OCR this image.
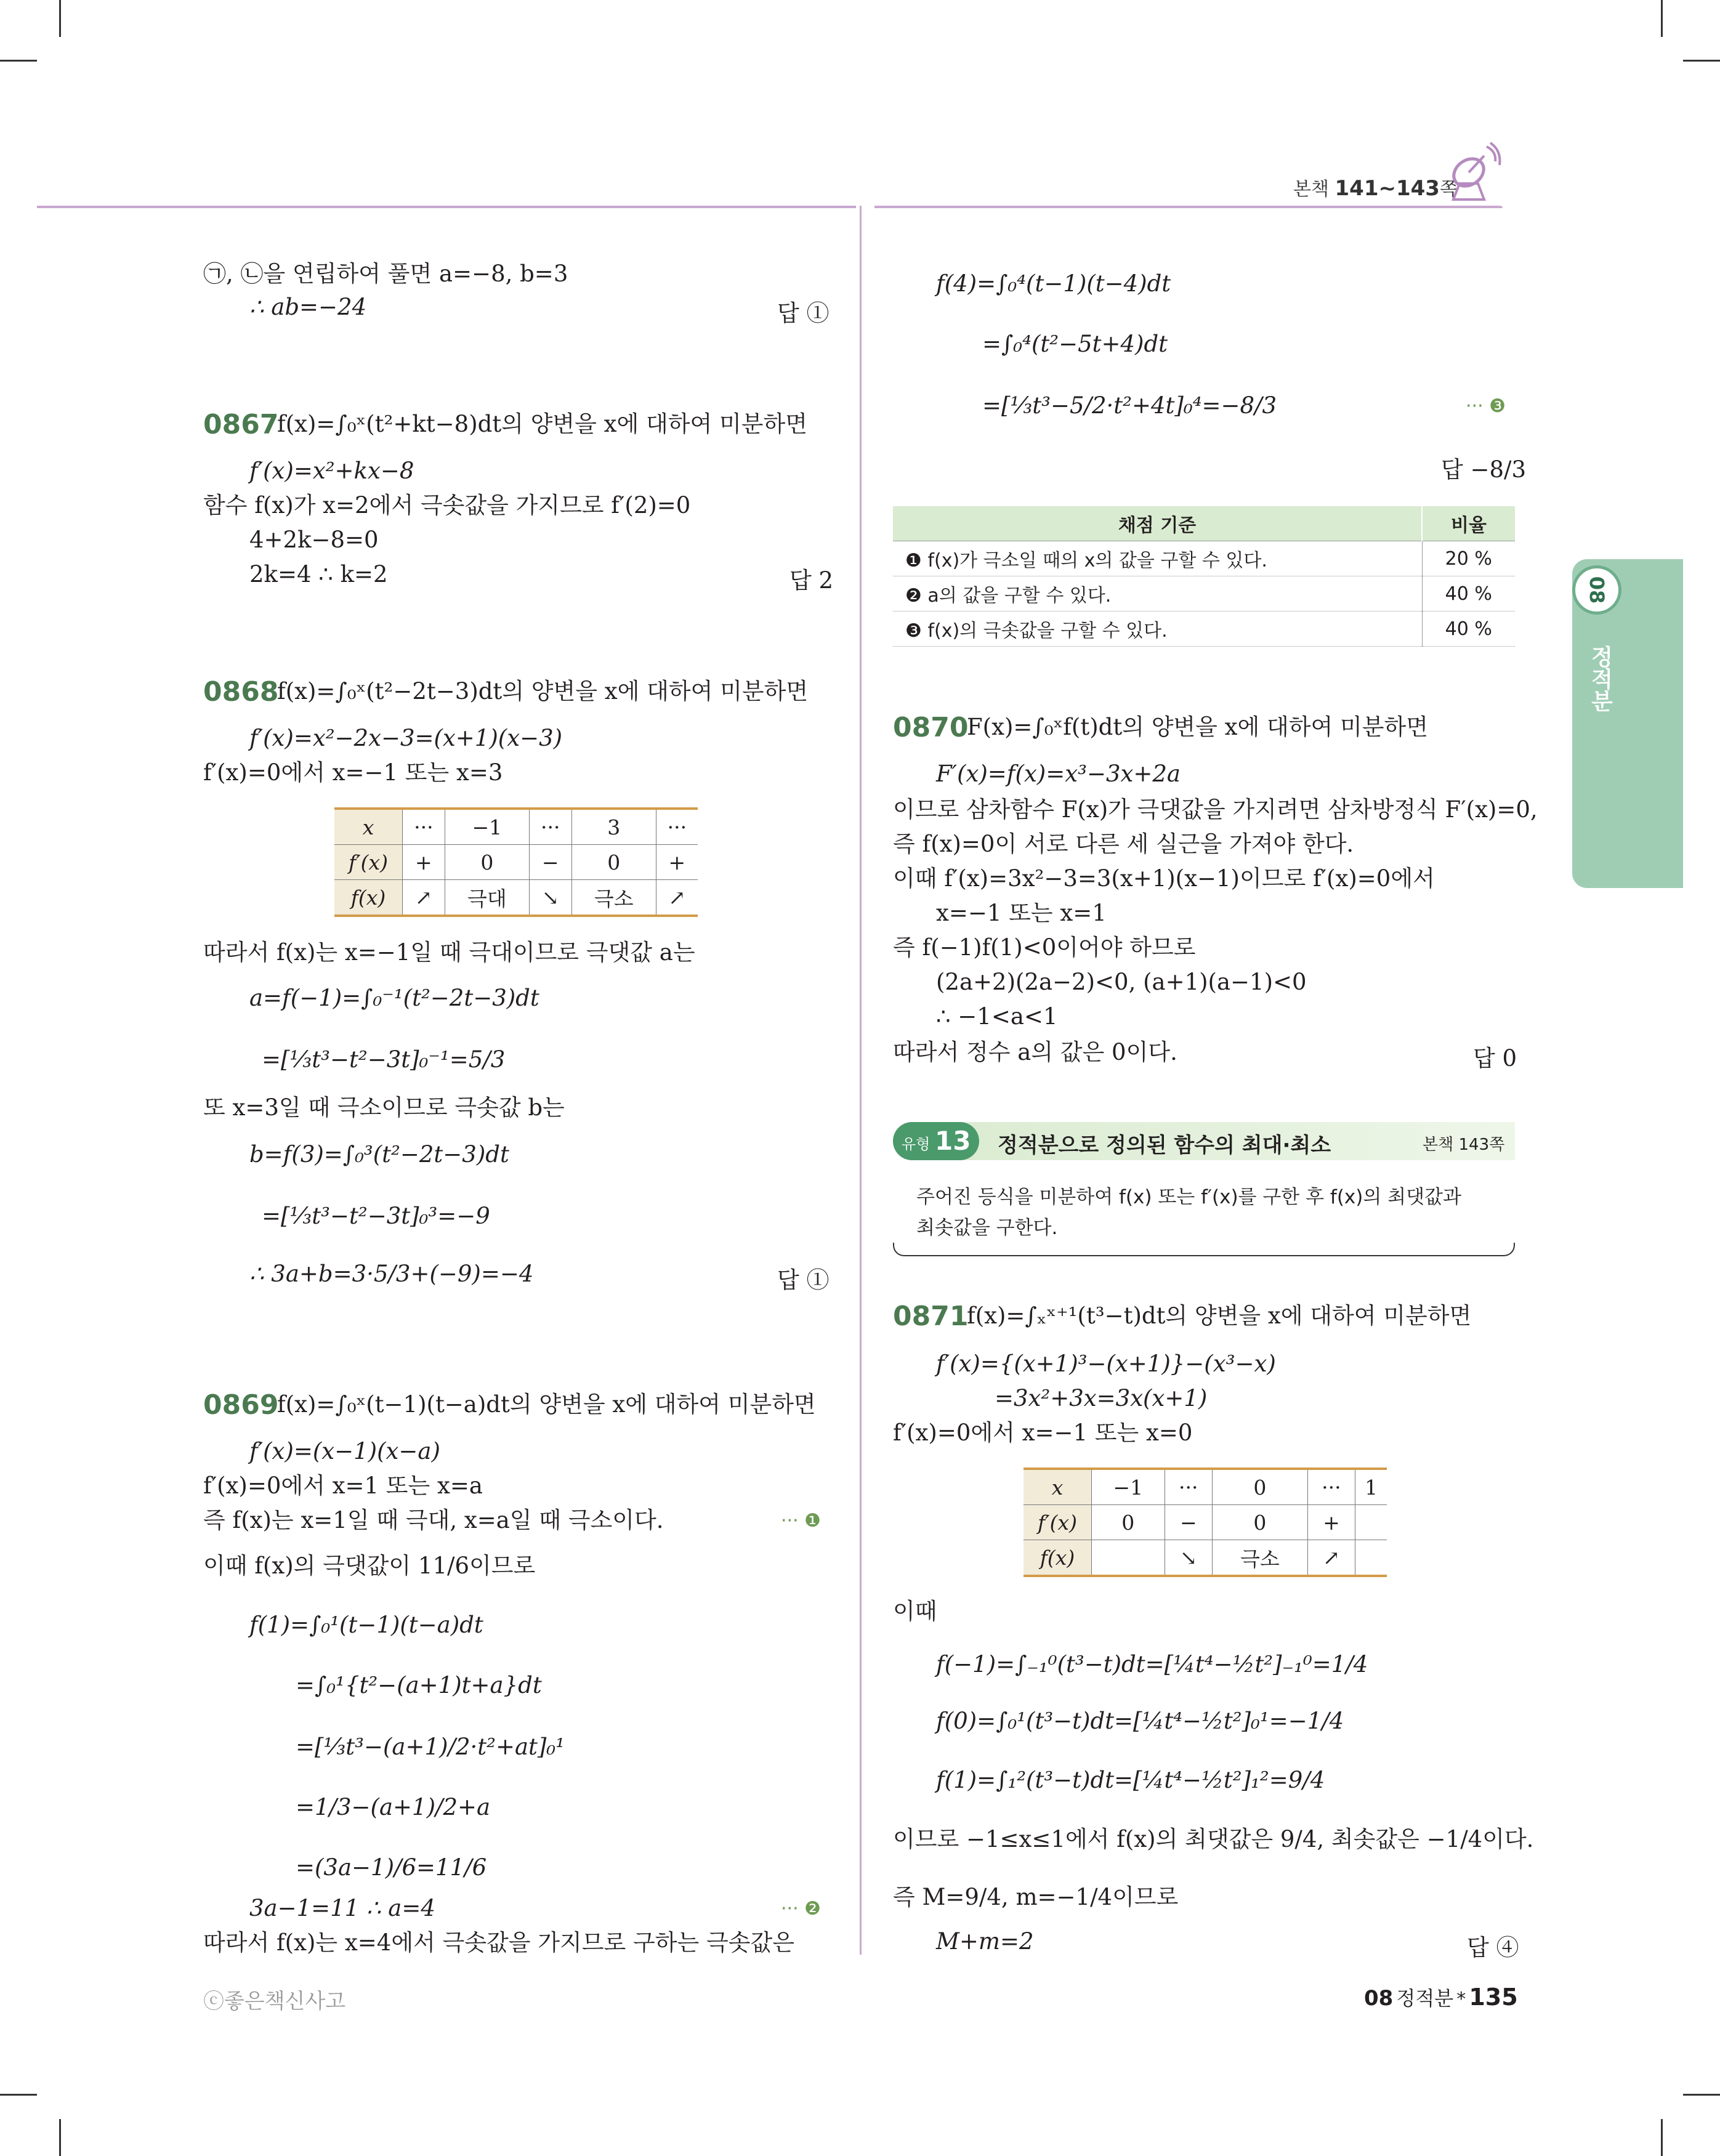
본책 141~143쪽
08
정적분
㉠, ㉡을 연립하여 풀면 a=−8, b=3
∴ ab=−24	답 ①
0867
f(x)=∫₀ˣ(t²+kt−8)dt의 양변을 x에 대하여 미분하면
f′(x)=x²+kx−8
함수 f(x)가 x=2에서 극솟값을 가지므로 f′(2)=0
4+2k−8=0
2k=4 ∴ k=2	답 2
0868
f(x)=∫₀ˣ(t²−2t−3)dt의 양변을 x에 대하여 미분하면
f′(x)=x²−2x−3=(x+1)(x−3)
f′(x)=0에서 x=−1 또는 x=3
x	···	−1	···	3	···
f′(x)	+	0	−	0	+
f(x)	↗	극대	↘	극소	↗
따라서 f(x)는 x=−1일 때 극대이므로 극댓값 a는
a=f(−1)=∫₀⁻¹(t²−2t−3)dt
=[⅓t³−t²−3t]₀⁻¹=5/3
또 x=3일 때 극소이므로 극솟값 b는
b=f(3)=∫₀³(t²−2t−3)dt
=[⅓t³−t²−3t]₀³=−9
∴ 3a+b=3·5/3+(−9)=−4	답 ①
0869
f(x)=∫₀ˣ(t−1)(t−a)dt의 양변을 x에 대하여 미분하면
f′(x)=(x−1)(x−a)
f′(x)=0에서 x=1 또는 x=a
즉 f(x)는 x=1일 때 극대, x=a일 때 극소이다.	··· ❶
이때 f(x)의 극댓값이 11/6이므로
f(1)=∫₀¹(t−1)(t−a)dt
=∫₀¹{t²−(a+1)t+a}dt
=[⅓t³−(a+1)/2·t²+at]₀¹
=1/3−(a+1)/2+a
=(3a−1)/6=11/6
3a−1=11 ∴ a=4	··· ❷
따라서 f(x)는 x=4에서 극솟값을 가지므로 구하는 극솟값은
f(4)=∫₀⁴(t−1)(t−4)dt
=∫₀⁴(t²−5t+4)dt
=[⅓t³−5/2·t²+4t]₀⁴=−8/3	··· ❸
답 −8/3
채점 기준	비율
❶ f(x)가 극소일 때의 x의 값을 구할 수 있다.	20 %
❷ a의 값을 구할 수 있다.	40 %
❸ f(x)의 극솟값을 구할 수 있다.	40 %
0870
F(x)=∫₀ˣf(t)dt의 양변을 x에 대하여 미분하면
F′(x)=f(x)=x³−3x+2a
이므로 삼차함수 F(x)가 극댓값을 가지려면 삼차방정식 F′(x)=0,
즉 f(x)=0이 서로 다른 세 실근을 가져야 한다.
이때 f′(x)=3x²−3=3(x+1)(x−1)이므로 f′(x)=0에서
x=−1 또는 x=1
즉 f(−1)f(1)<0이어야 하므로
(2a+2)(2a−2)<0, (a+1)(a−1)<0
∴ −1<a<1
따라서 정수 a의 값은 0이다.	답 0
유형 13 정적분으로 정의된 함수의 최대·최소	본책 143쪽
주어진 등식을 미분하여 f(x) 또는 f′(x)를 구한 후 f(x)의 최댓값과
최솟값을 구한다.
0871
f(x)=∫ₓˣ⁺¹(t³−t)dt의 양변을 x에 대하여 미분하면
f′(x)={(x+1)³−(x+1)}−(x³−x)
=3x²+3x=3x(x+1)
f′(x)=0에서 x=−1 또는 x=0
x	−1	···	0	···	1
f′(x)	0	−	0	+	
f(x)		↘	극소	↗	
이때
f(−1)=∫₋₁⁰(t³−t)dt=[¼t⁴−½t²]₋₁⁰=1/4
f(0)=∫₀¹(t³−t)dt=[¼t⁴−½t²]₀¹=−1/4
f(1)=∫₁²(t³−t)dt=[¼t⁴−½t²]₁²=9/4
이므로 −1≤x≤1에서 f(x)의 최댓값은 9/4, 최솟값은 −1/4이다.
즉 M=9/4, m=−1/4이므로
M+m=2	답 ④
ⓒ좋은책신사고	08 정적분 * 135
